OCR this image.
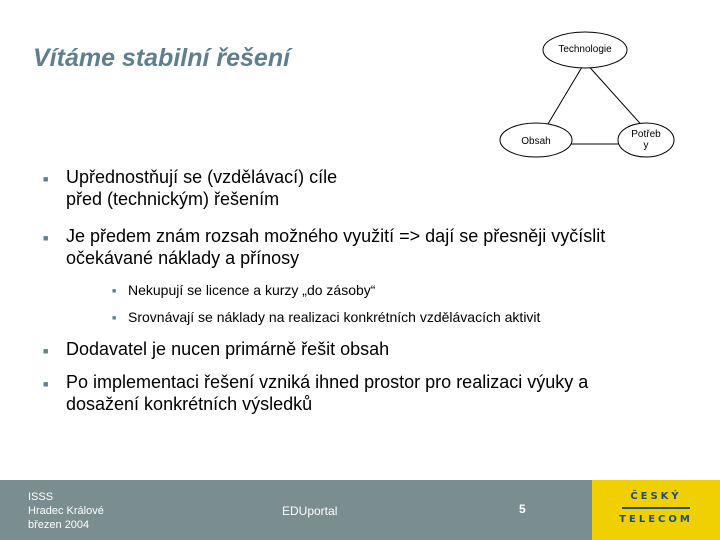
Vítáme stabilní řešení	Technologie
Obsah
Potřeb
y
■ Upřednostňují se (vzdělávací) cíle
před (technickým) řešením
■ Je předem znám rozsah možného využití => dají se přesněji vyčíslit
očekávané náklady a přínosy
■ Nekupují se licence a kurzy „do zásoby“
■ Srovnávají se náklady na realizaci konkrétních vzdělávacích aktivit
■ Dodavatel je nucen primárně řešit obsah
■ Po implementaci řešení vzniká ihned prostor pro realizaci výuky a
dosažení konkrétních výsledků
ISSS
Hradec Králové
březen 2004
EDUportal	5
ČESKÝ
TELECOM
